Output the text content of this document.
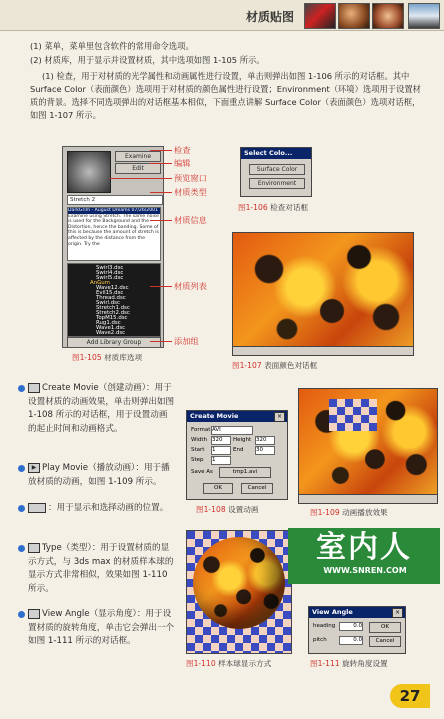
材质贴图
(1) 菜单，菜单里包含软件的常用命令选项。
(2) 材质库，用于显示并设置材质，其中选项如图 1-105 所示。
(1) 检查，用于对材质的光学属性和动画属性进行设置，单击则弹出如图 1-106 所示的对话框。其中 Surface Color（表面颜色）选项用于对材质的颜色属性进行设置；Environment（环境）选项用于设置材质的背景。选择不同选项弹出的对话框基本相似，下面重点讲解 Surface Color（表面颜色）选项对话框，如图 1-107 所示。
Examine
Edit
Stretch 2
DarkGrim - August Dreams 07/26/2001
Examine using Stretch. The same noise is used for the Background and the Distortion, hence the banding. Some of this is because the amount of stretch is affected by the distance from the origin. Try the
Swirl3.dsc
Swirl4.dsc
Swirl5.dsc
AnGum
Wave12.dsc
Evil15.dsc
Thread.dsc
Swirl.dsc
Stretch1.dsc
Stretch2.dsc
TopM15.dsc
Rug1.dsc
Wave1.dsc
Wave2.dsc
Add Library Group
检查
编辑
预览窗口
材质类型
材质信息
材质列表
添加组
图1-105 材质库选项
Select Colo...
Surface Color
Environment
图1-106 检查对话框
图1-107 表面颜色对话框
Create Movie（创建动画）：用于设置材质的动画效果，单击则弹出如图 1-108 所示的对话框，用于设置动画的起止时间和动画格式。
▶ Play Movie（播放动画）：用于播放材质的动画，如图 1-109 所示。
：用于显示和选择动画的位置。
Type（类型）：用于设置材质的显示方式，与 3ds max 的材质样本球的显示方式非常相似，效果如图 1-110 所示。
View Angle（显示角度）：用于设置材质的旋转角度，单击它会弹出一个如图 1-111 所示的对话框。
Create Movie	×
Format AVI
Width 320	Height 320
Start 1	End 30
Step 1
Save As	tmp1.avi
OK	Cancel
图1-108 设置动画	图1-109 动画播放效果
图1-110 样本球显示方式
室内人
WWW.SNREN.COM
View Angle	×
heading	0.0
pitch	0.0
OK
Cancel
图1-111 旋转角度设置
27
